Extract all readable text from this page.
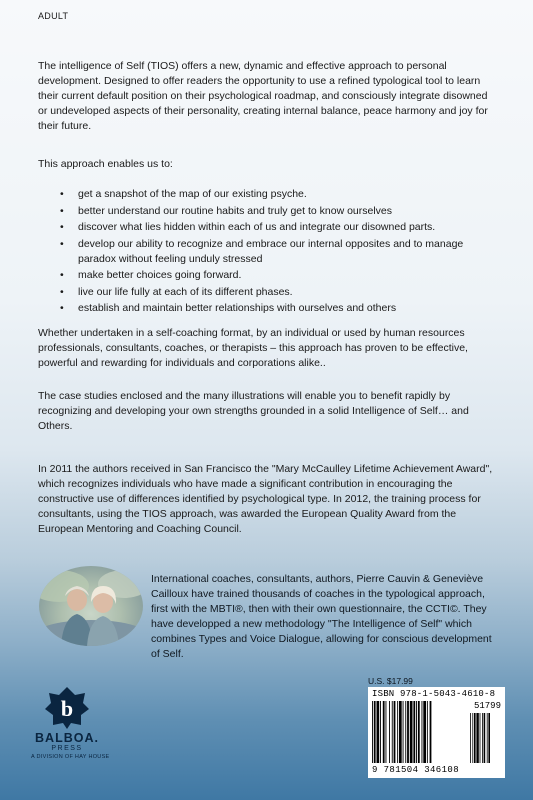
ADULT

The intelligence of Self (TIOS) offers a new, dynamic and effective approach to personal development. Designed to offer readers the opportunity to use a refined typological tool to learn their current default position on their psychological roadmap, and consciously integrate disowned or undeveloped aspects of their personality, creating internal balance, peace harmony and joy for their future.

This approach enables us to:

• get a snapshot of the map of our existing psyche.
• better understand our routine habits and truly get to know ourselves
• discover what lies hidden within each of us and integrate our disowned parts.
• develop our ability to recognize and embrace our internal opposites and to manage paradox without feeling unduly stressed
• make better choices going forward.
• live our life fully at each of its different phases.
• establish and maintain better relationships with ourselves and others

Whether undertaken in a self-coaching format, by an individual or used by human resources professionals, consultants, coaches, or therapists – this approach has proven to be effective, powerful and rewarding for individuals and corporations alike..

The case studies enclosed and the many illustrations will enable you to benefit rapidly by recognizing and developing your own strengths grounded in a solid Intelligence of Self… and Others.

In 2011 the authors received in San Francisco the "Mary McCaulley Lifetime Achievement Award", which recognizes individuals who have made a significant contribution in encouraging the constructive use of differences identified by psychological type. In 2012, the training process for consultants, using the TIOS approach, was awarded the European Quality Award from the European Mentoring and Coaching Council.

International coaches, consultants, authors, Pierre Cauvin & Geneviève Cailloux have trained thousands of coaches in the typological approach, first with the MBTI®, then with their own questionnaire, the CCTI©. They have developped a new methodology "The Intelligence of Self" which combines Types and Voice Dialogue, allowing for conscious development of Self.
U.S. $17.99
ISBN 978-1-5043-4610-8
51799
9 781504 346108
b
BALBOA.
PRESS
A DIVISION OF HAY HOUSE
